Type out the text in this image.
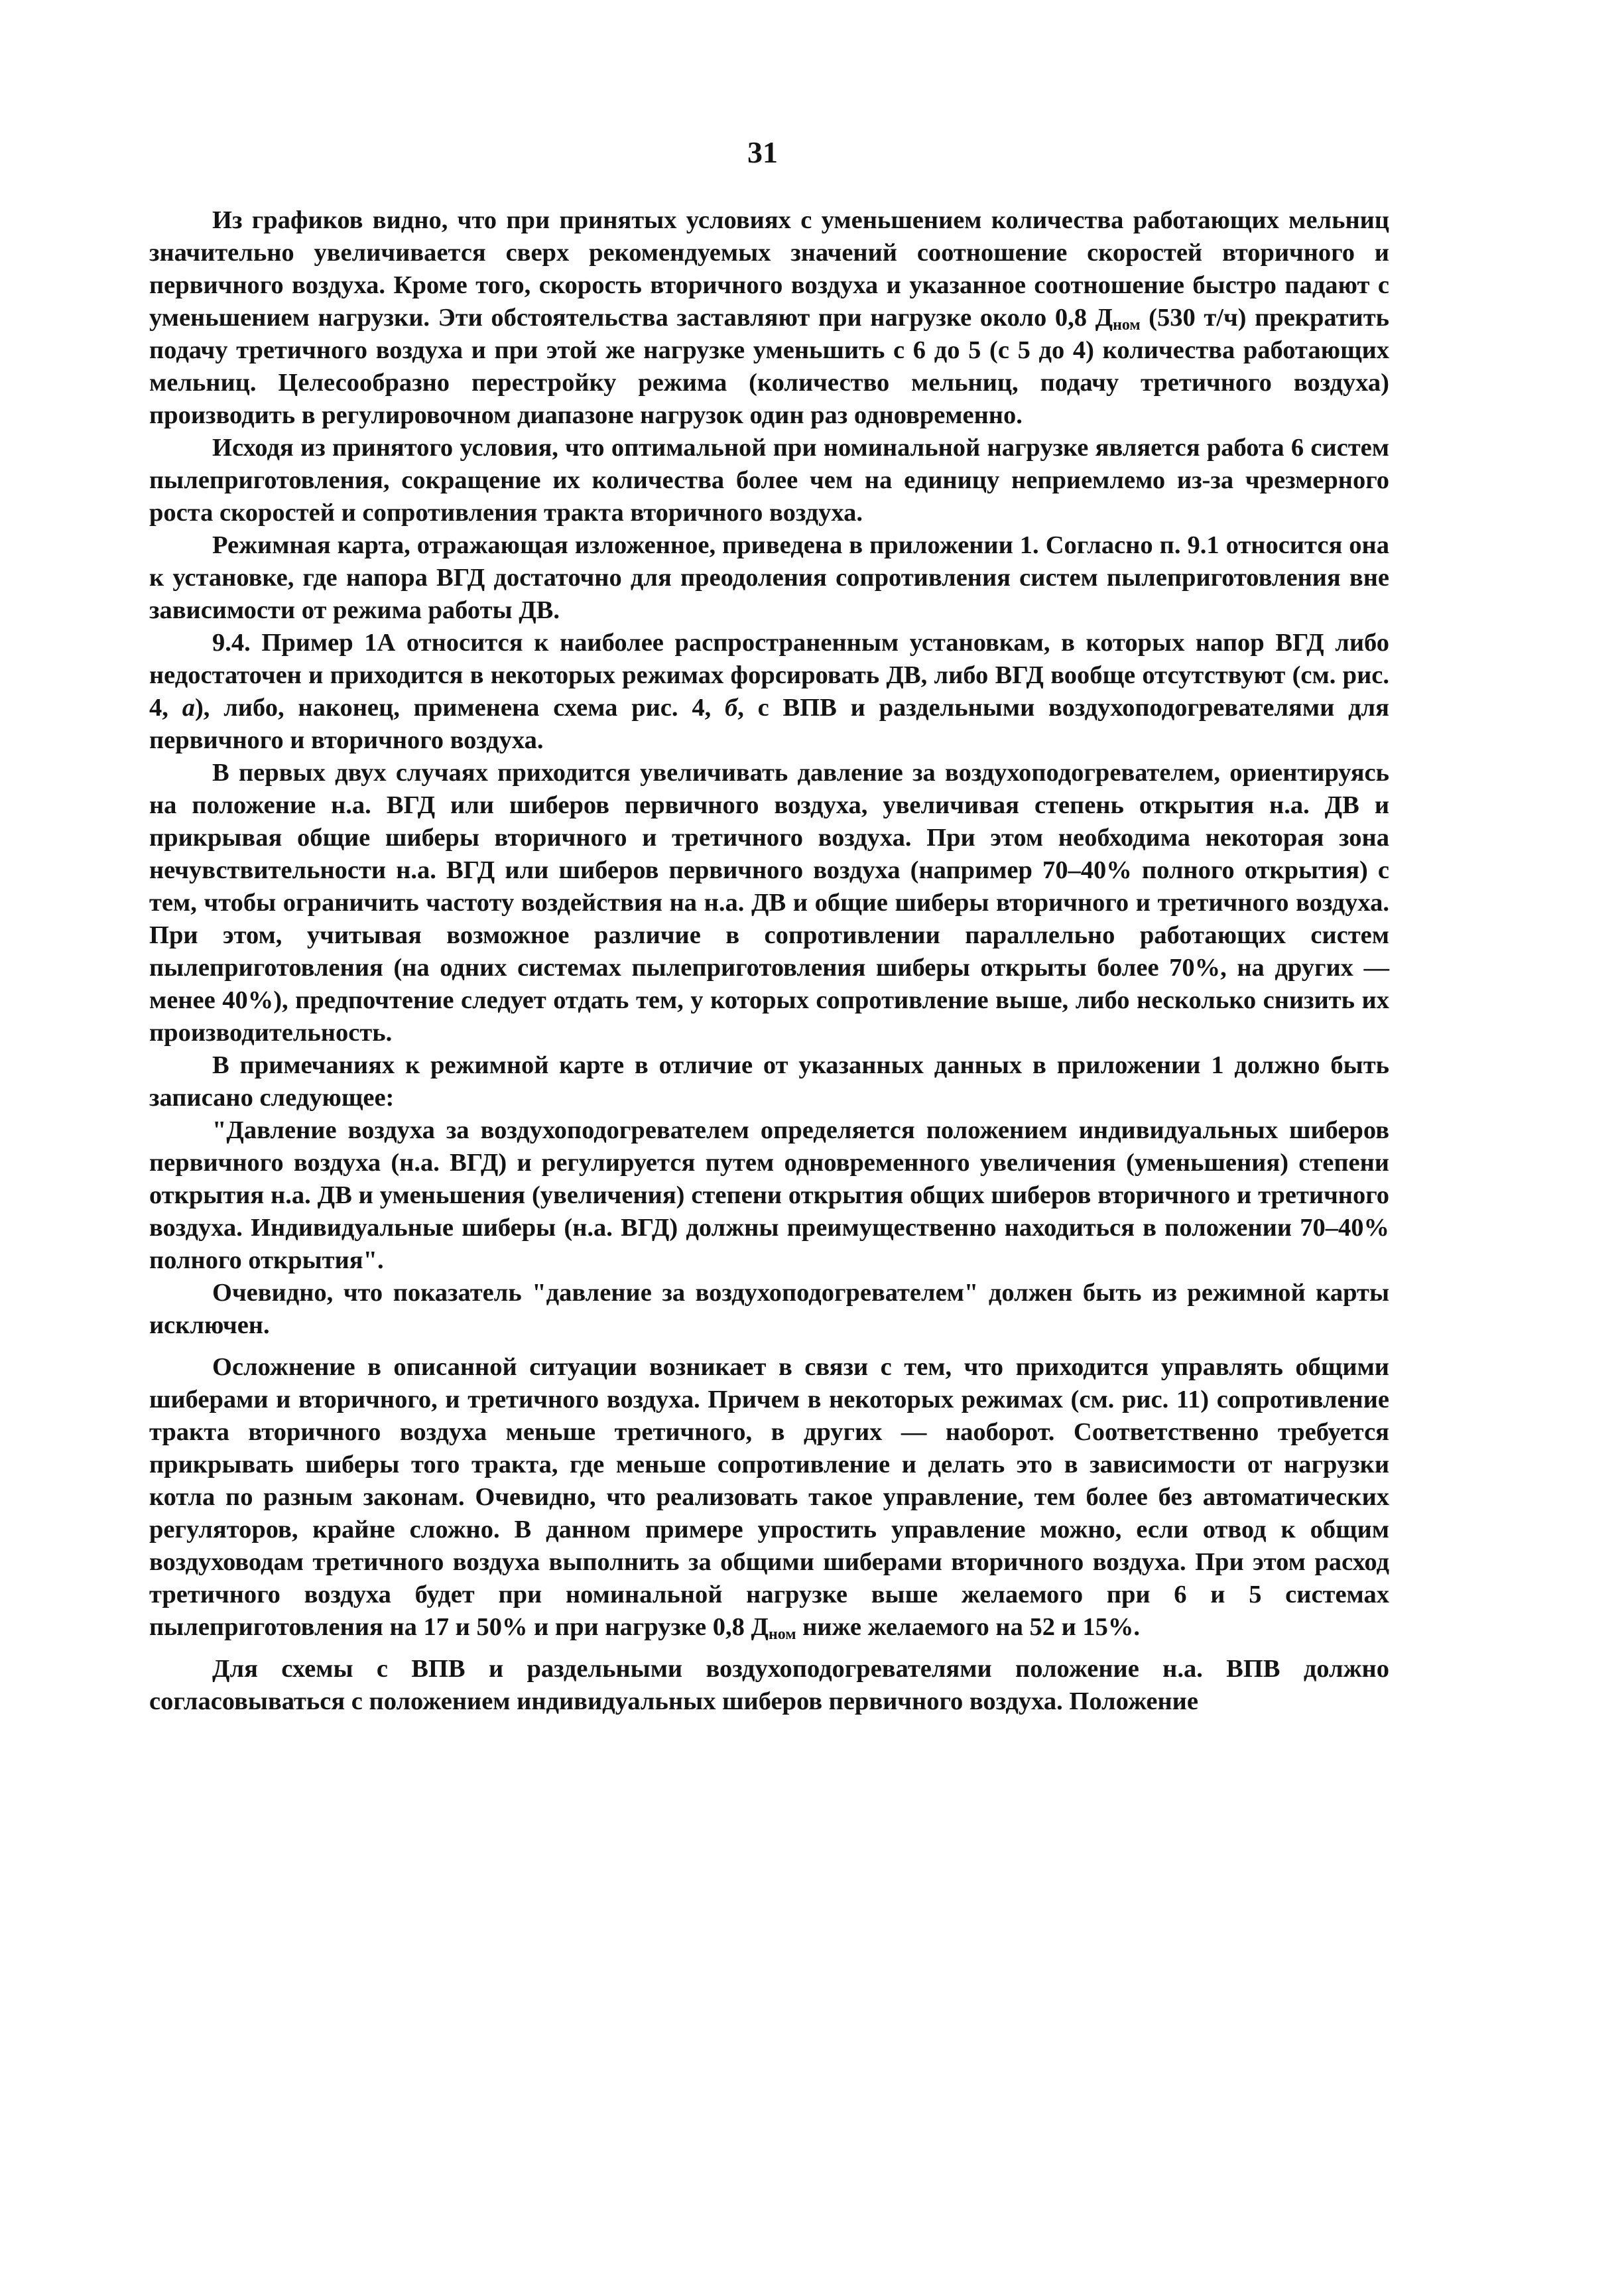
31

Из графиков видно, что при принятых условиях с уменьшением количества работающих мельниц значительно увеличивается сверх рекомендуемых значений соотношение скоростей вторичного и первичного воздуха. Кроме того, скорость вторичного воздуха и указанное соотношение быстро падают с уменьшением нагрузки. Эти обстоятельства заставляют при нагрузке около 0,8 $Д_{ном}$ (530 т/ч) прекратить подачу третичного воздуха и при этой же нагрузке уменьшить с 6 до 5 (с 5 до 4) количества работающих мельниц. Целесообразно перестройку режима (количество мельниц, подачу третичного воздуха) производить в регулировочном диапазоне нагрузок один раз одновременно.

Исходя из принятого условия, что оптимальной при номинальной нагрузке является работа 6 систем пылеприготовления, сокращение их количества более чем на единицу неприемлемо из-за чрезмерного роста скоростей и сопротивления тракта вторичного воздуха.

Режимная карта, отражающая изложенное, приведена в приложении 1. Согласно п. 9.1 относится она к установке, где напора ВГД достаточно для преодоления сопротивления систем пылеприготовления вне зависимости от режима работы ДВ.

9.4. Пример 1А относится к наиболее распространенным установкам, в которых напор ВГД либо недостаточен и приходится в некоторых режимах форсировать ДВ, либо ВГД вообще отсутствуют (см. рис. 4, а), либо, наконец, применена схема рис. 4, б, с ВПВ и раздельными воздухоподогревателями для первичного и вторичного воздуха.

В первых двух случаях приходится увеличивать давление за воздухоподогревателем, ориентируясь на положение н.а. ВГД или шиберов первичного воздуха, увеличивая степень открытия н.а. ДВ и прикрывая общие шиберы вторичного и третичного воздуха. При этом необходима некоторая зона нечувствительности н.а. ВГД или шиберов первичного воздуха (например 70–40% полного открытия) с тем, чтобы ограничить частоту воздействия на н.а. ДВ и общие шиберы вторичного и третичного воздуха. При этом, учитывая возможное различие в сопротивлении параллельно работающих систем пылеприготовления (на одних системах пылеприготовления шиберы открыты более 70%, на других — менее 40%), предпочтение следует отдать тем, у которых сопротивление выше, либо несколько снизить их производительность.

В примечаниях к режимной карте в отличие от указанных данных в приложении 1 должно быть записано следующее:

"Давление воздуха за воздухоподогревателем определяется положением индивидуальных шиберов первичного воздуха (н.а. ВГД) и регулируется путем одновременного увеличения (уменьшения) степени открытия н.а. ДВ и уменьшения (увеличения) степени открытия общих шиберов вторичного и третичного воздуха. Индивидуальные шиберы (н.а. ВГД) должны преимущественно находиться в положении 70–40% полного открытия".

Очевидно, что показатель "давление за воздухоподогревателем" должен быть из режимной карты исключен.

Осложнение в описанной ситуации возникает в связи с тем, что приходится управлять общими шиберами и вторичного, и третичного воздуха. Причем в некоторых режимах (см. рис. 11) сопротивление тракта вторичного воздуха меньше третичного, в других — наоборот. Соответственно требуется прикрывать шиберы того тракта, где меньше сопротивление и делать это в зависимости от нагрузки котла по разным законам. Очевидно, что реализовать такое управление, тем более без автоматических регуляторов, крайне сложно. В данном примере упростить управление можно, если отвод к общим воздуховодам третичного воздуха выполнить за общими шиберами вторичного воздуха. При этом расход третичного воздуха будет при номинальной нагрузке выше желаемого при 6 и 5 системах пылеприготовления на 17 и 50% и при нагрузке 0,8 $Д_{ном}$ ниже желаемого на 52 и 15%.

Для схемы с ВПВ и раздельными воздухоподогревателями положение н.а. ВПВ должно согласовываться с положением индивидуальных шиберов первичного воздуха. Положение
